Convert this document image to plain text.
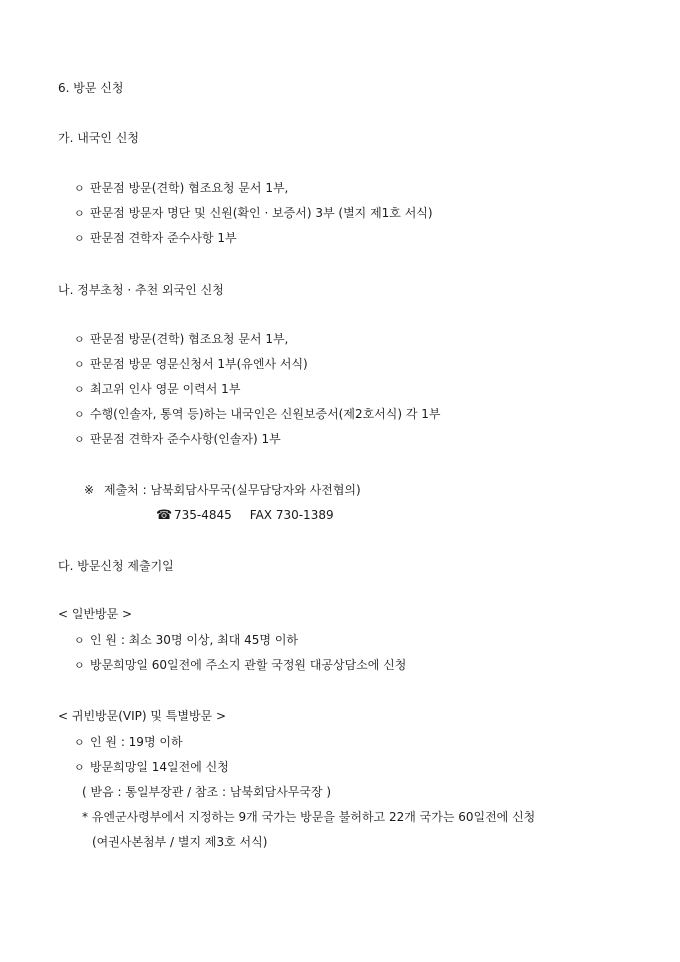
6. 방문 신청
가. 내국인 신청
ㅇ 판문점 방문(견학) 협조요청 문서 1부,
ㅇ 판문점 방문자 명단 및 신원(확인 · 보증서) 3부 (별지 제1호 서식)
ㅇ 판문점 견학자 준수사항 1부
나. 정부초청 · 추천 외국인 신청
ㅇ 판문점 방문(견학) 협조요청 문서 1부,
ㅇ 판문점 방문 영문신청서 1부(유엔사 서식)
ㅇ 최고위 인사 영문 이력서 1부
ㅇ 수행(인솔자, 통역 등)하는 내국인은 신원보증서(제2호서식) 각 1부
ㅇ 판문점 견학자 준수사항(인솔자) 1부
※ 제출처 : 남북회담사무국(실무담당자와 사전협의)
☎ 735-4845 FAX 730-1389
다. 방문신청 제출기일
< 일반방문 >
ㅇ 인 원 : 최소 30명 이상, 최대 45명 이하
ㅇ 방문희망일 60일전에 주소지 관할 국정원 대공상담소에 신청
< 귀빈방문(VIP) 및 특별방문 >
ㅇ 인 원 : 19명 이하
ㅇ 방문희망일 14일전에 신청
( 받음 : 통일부장관 / 참조 : 남북회담사무국장 )
* 유엔군사령부에서 지정하는 9개 국가는 방문을 불허하고 22개 국가는 60일전에 신청
(여권사본첨부 / 별지 제3호 서식)
